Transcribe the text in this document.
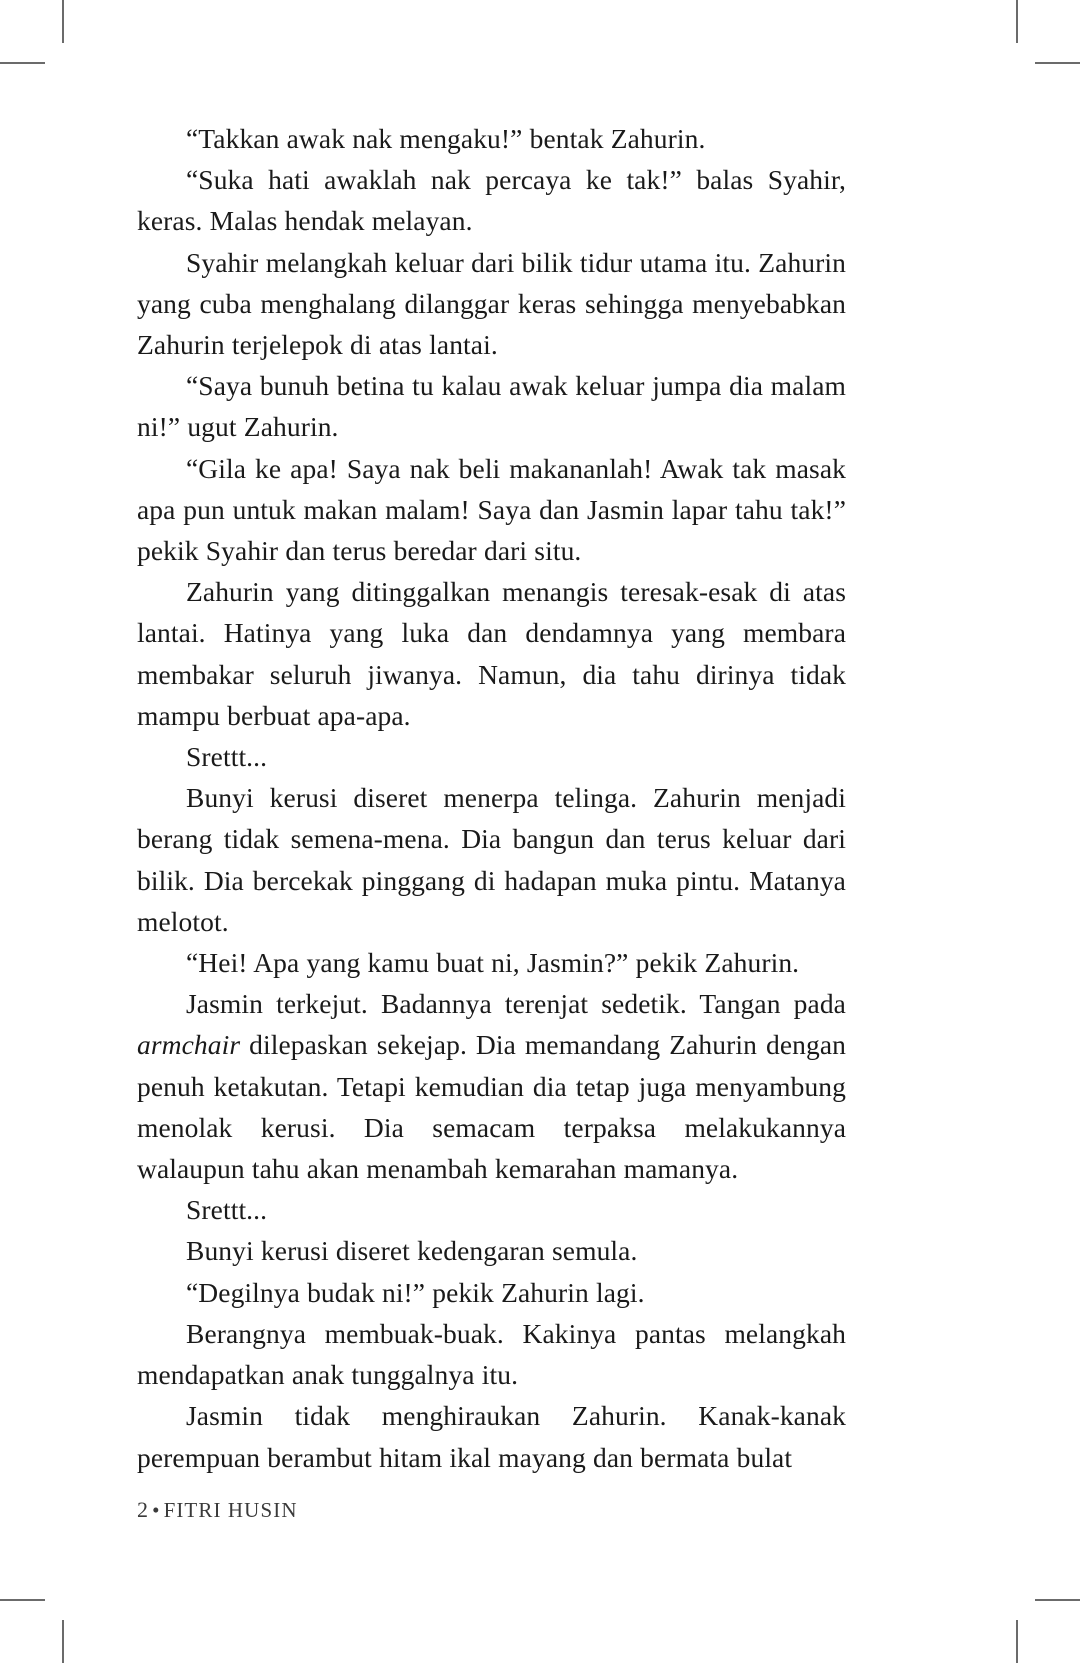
“Takkan awak nak mengaku!” bentak Zahurin.

“Suka hati awaklah nak percaya ke tak!” balas Syahir, keras. Malas hendak melayan.

Syahir melangkah keluar dari bilik tidur utama itu. Zahurin yang cuba menghalang dilanggar keras sehingga menyebabkan Zahurin terjelepok di atas lantai.

“Saya bunuh betina tu kalau awak keluar jumpa dia malam ni!” ugut Zahurin.

“Gila ke apa! Saya nak beli makananlah! Awak tak masak apa pun untuk makan malam! Saya dan Jasmin lapar tahu tak!” pekik Syahir dan terus beredar dari situ.

Zahurin yang ditinggalkan menangis teresak-esak di atas lantai. Hatinya yang luka dan dendamnya yang membara membakar seluruh jiwanya. Namun, dia tahu dirinya tidak mampu berbuat apa-apa.

Srettt...

Bunyi kerusi diseret menerpa telinga. Zahurin menjadi berang tidak semena-mena. Dia bangun dan terus keluar dari bilik. Dia bercekak pinggang di hadapan muka pintu. Matanya melotot.

“Hei! Apa yang kamu buat ni, Jasmin?” pekik Zahurin.

Jasmin terkejut. Badannya terenjat sedetik. Tangan pada armchair dilepaskan sekejap. Dia memandang Zahurin dengan penuh ketakutan. Tetapi kemudian dia tetap juga menyambung menolak kerusi. Dia semacam terpaksa melakukannya walaupun tahu akan menambah kemarahan mamanya.

Srettt...

Bunyi kerusi diseret kedengaran semula.

“Degilnya budak ni!” pekik Zahurin lagi.

Berangnya membuak-buak. Kakinya pantas melangkah mendapatkan anak tunggalnya itu.

Jasmin tidak menghiraukan Zahurin. Kanak-kanak perempuan berambut hitam ikal mayang dan bermata bulat

2 • FITRI HUSIN
